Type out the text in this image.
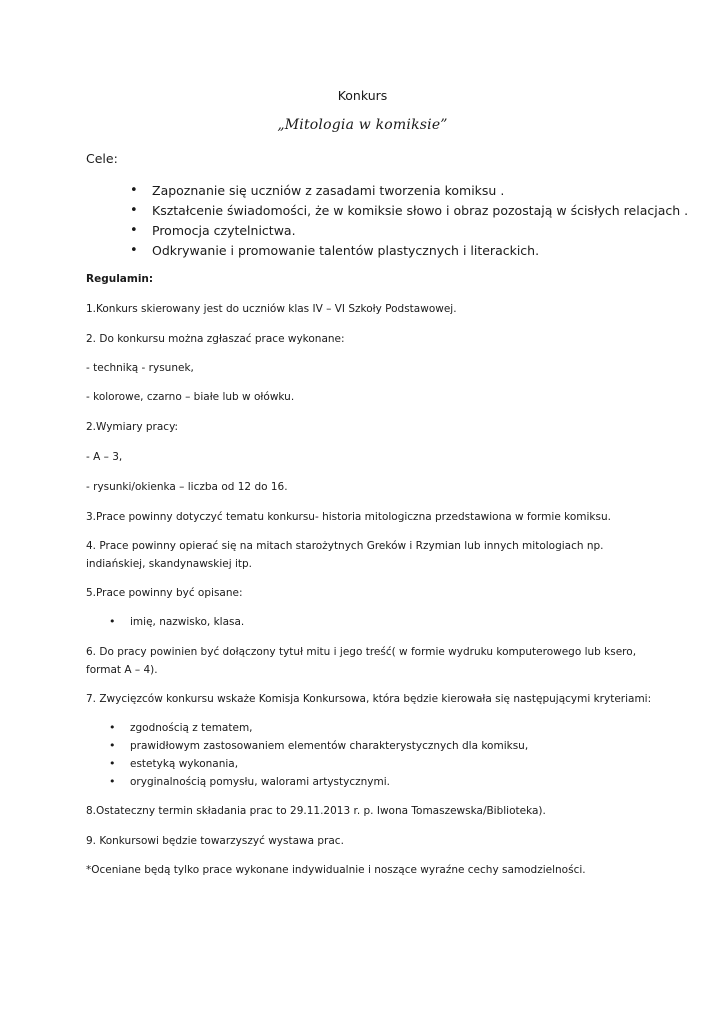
Konkurs
„Mitologia w komiksie”
Cele:
• Zapoznanie się uczniów z zasadami tworzenia komiksu .
• Kształcenie świadomości, że w komiksie słowo i obraz pozostają w ścisłych relacjach .
• Promocja czytelnictwa.
• Odkrywanie i promowanie talentów plastycznych i literackich.
Regulamin:
1.Konkurs skierowany jest do uczniów klas IV – VI Szkoły Podstawowej.
2. Do konkursu można zgłaszać prace wykonane:
- techniką - rysunek,
- kolorowe, czarno – białe lub w ołówku.
2.Wymiary pracy:
- A – 3,
- rysunki/okienka – liczba od 12 do 16.
3.Prace powinny dotyczyć tematu konkursu- historia mitologiczna przedstawiona w formie komiksu.
4. Prace powinny opierać się na mitach starożytnych Greków i Rzymian lub innych mitologiach np. indiańskiej, skandynawskiej itp.
5.Prace powinny być opisane:
• imię, nazwisko, klasa.
6. Do pracy powinien być dołączony tytuł mitu i jego treść( w formie wydruku komputerowego lub ksero, format A – 4).
7. Zwycięzców konkursu wskaże Komisja Konkursowa, która będzie kierowała się następującymi kryteriami:
• zgodnością z tematem,
• prawidłowym zastosowaniem elementów charakterystycznych dla komiksu,
• estetyką wykonania,
• oryginalnością pomysłu, walorami artystycznymi.
8.Ostateczny termin składania prac to 29.11.2013 r. p. Iwona Tomaszewska/Biblioteka).
9. Konkursowi będzie towarzyszyć wystawa prac.
*Oceniane będą tylko prace wykonane indywidualnie i noszące wyraźne cechy samodzielności.
